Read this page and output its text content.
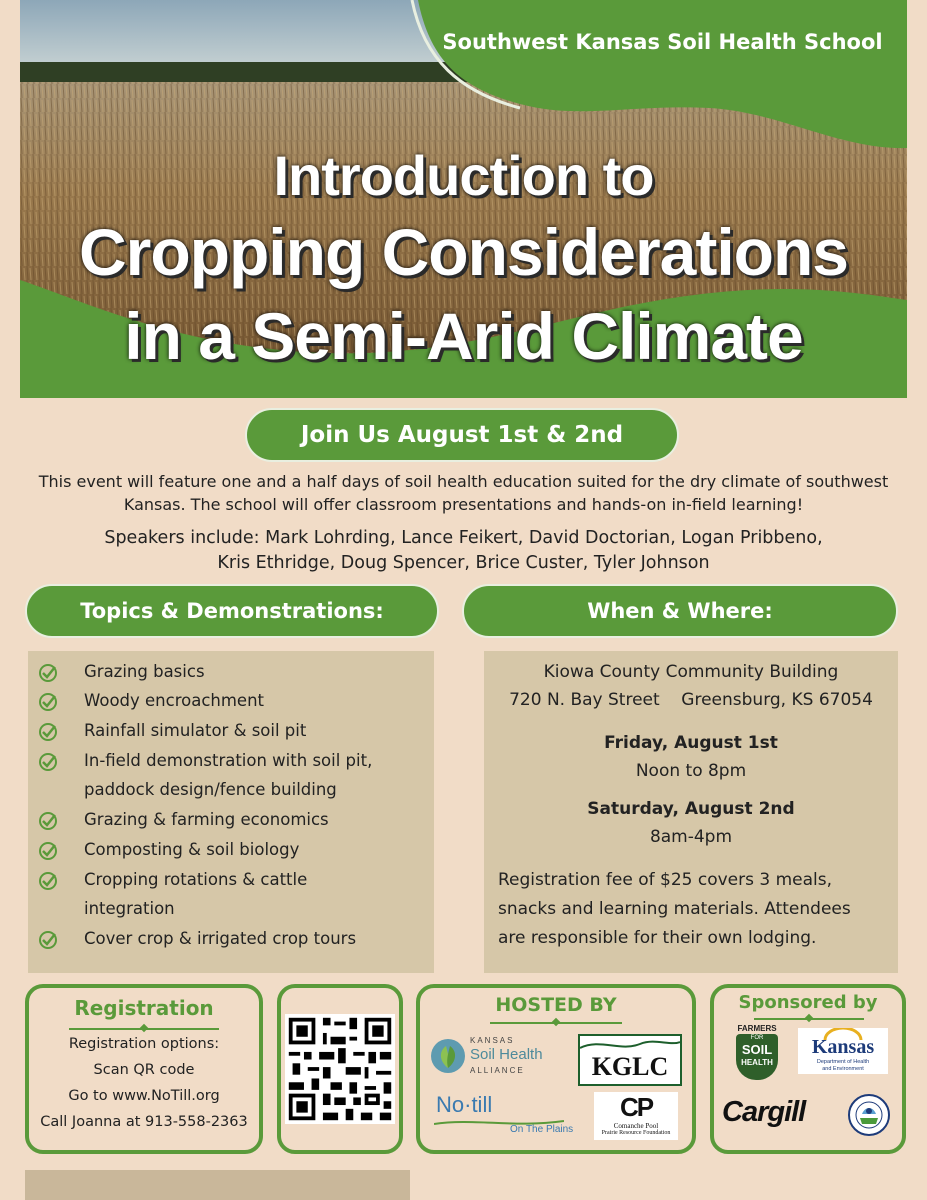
Southwest Kansas Soil Health School
Introduction to
Cropping Considerations
in a Semi-Arid Climate
Join Us August 1st & 2nd
This event will feature one and a half days of soil health education suited for the dry climate of southwest Kansas. The school will offer classroom presentations and hands-on in-field learning!
Speakers include: Mark Lohrding, Lance Feikert, David Doctorian, Logan Pribbeno, Kris Ethridge, Doug Spencer, Brice Custer, Tyler Johnson
Topics & Demonstrations:
Grazing basics
Woody encroachment
Rainfall simulator & soil pit
In-field demonstration with soil pit,
paddock design/fence building
Grazing & farming economics
Composting & soil biology
Cropping rotations & cattle
integration
Cover crop & irrigated crop tours
When & Where:
Kiowa County Community Building
720 N. Bay Street    Greensburg, KS 67054
Friday, August 1st
Noon to 8pm
Saturday, August 2nd
8am-4pm
Registration fee of $25 covers 3 meals,
snacks and learning materials. Attendees
are responsible for their own lodging.
Registration
Registration options:
Scan QR code
Go to www.NoTill.org
Call Joanna at 913-558-2363
HOSTED BY
KANSAS
Soil Health
ALLIANCE	KGLC
No·till
On The Plains
CP
Comanche Pool
Prairie Resource Foundation
Sponsored by
FARMERS
FOR
SOIL
HEALTH
Kansas
Department of Health
and Environment
Cargill
